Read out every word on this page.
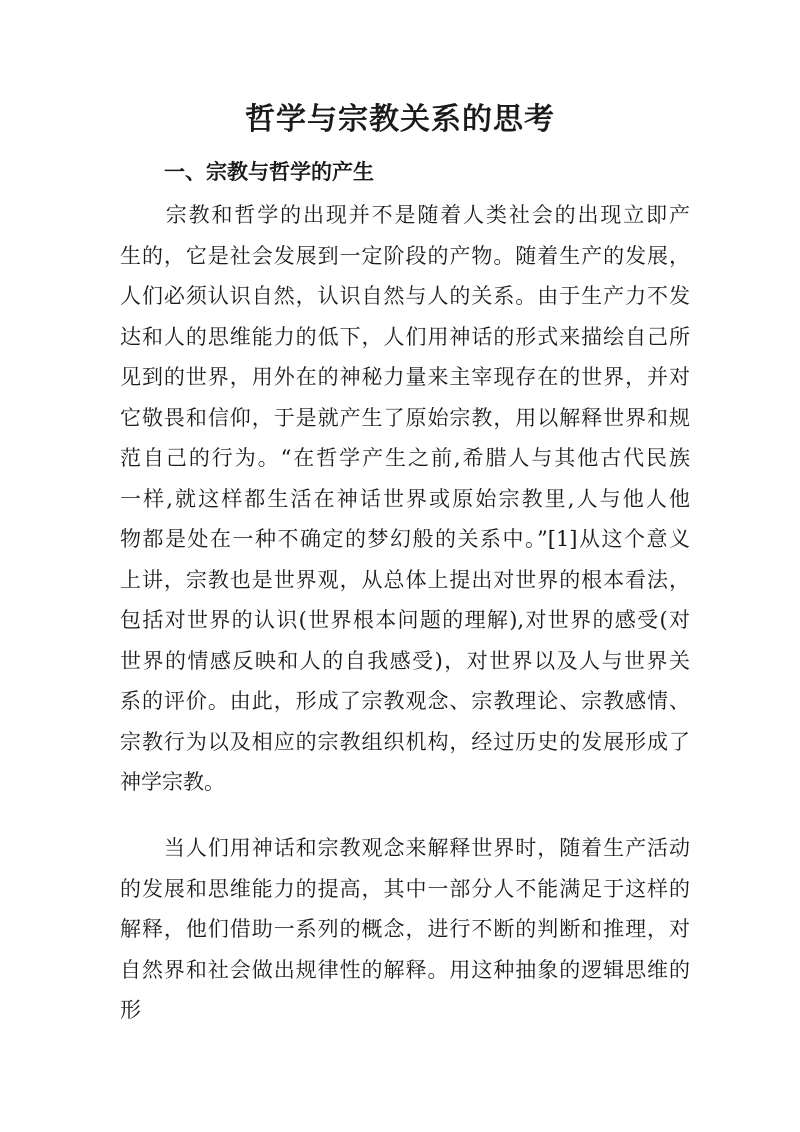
哲学与宗教关系的思考
一、宗教与哲学的产生
　　宗教和哲学的出现并不是随着人类社会的出现立即产
生的，它是社会发展到一定阶段的产物。随着生产的发展，
人们必须认识自然，认识自然与人的关系。由于生产力不发
达和人的思维能力的低下，人们用神话的形式来描绘自己所
见到的世界，用外在的神秘力量来主宰现存在的世界，并对
它敬畏和信仰，于是就产生了原始宗教，用以解释世界和规
范自己的行为。“在哲学产生之前,希腊人与其他古代民族
一样,就这样都生活在神话世界或原始宗教里,人与他人他
物都是处在一种不确定的梦幻般的关系中。”[1]从这个意义
上讲，宗教也是世界观，从总体上提出对世界的根本看法，
包括对世界的认识(世界根本问题的理解),对世界的感受(对
世界的情感反映和人的自我感受)，对世界以及人与世界关
系的评价。由此，形成了宗教观念、宗教理论、宗教感情、
宗教行为以及相应的宗教组织机构，经过历史的发展形成了
神学宗教。
　　当人们用神话和宗教观念来解释世界时，随着生产活动
的发展和思维能力的提高，其中一部分人不能满足于这样的
解释，他们借助一系列的概念，进行不断的判断和推理，对
自然界和社会做出规律性的解释。用这种抽象的逻辑思维的
形
